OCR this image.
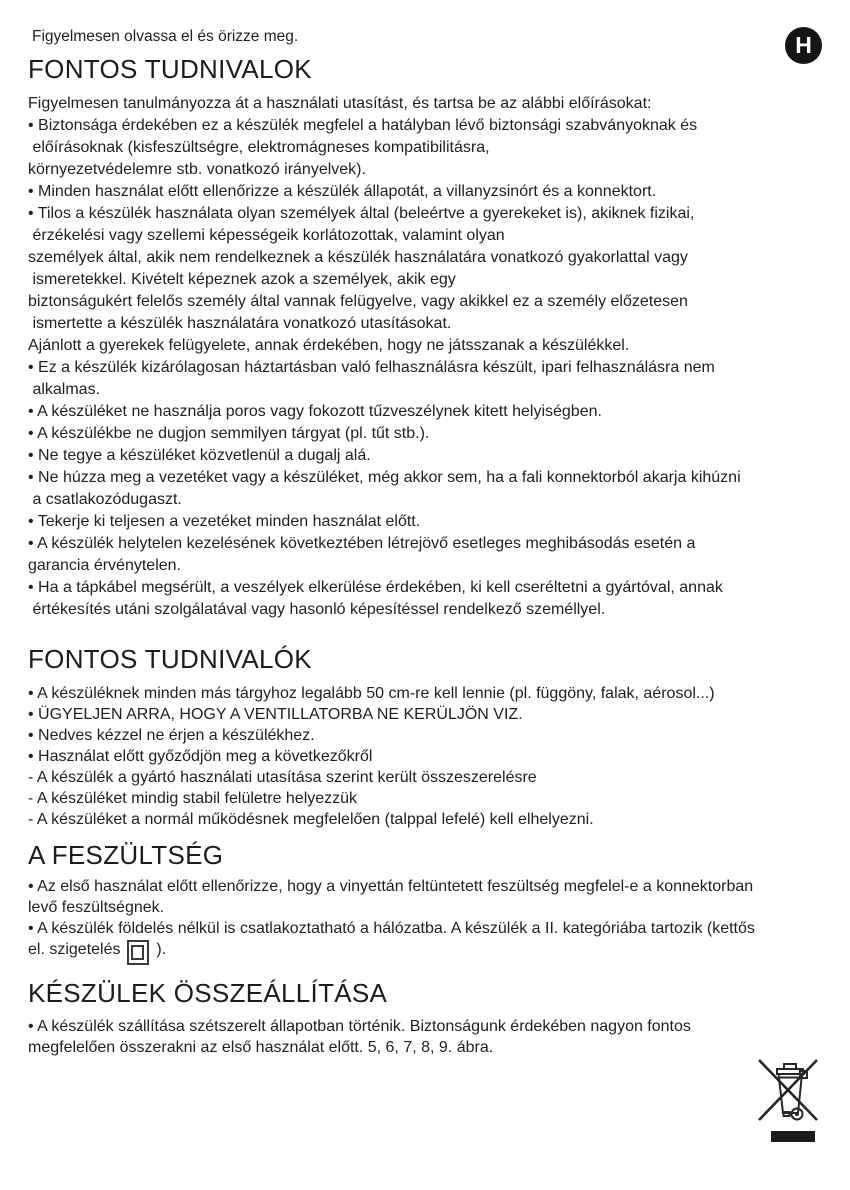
Figyelmesen olvassa el és örizze meg.	H
FONTOS TUDNIVALOK
Figyelmesen tanulmányozza át a használati utasítást, és tartsa be az alábbi előírásokat:
• Biztonsága érdekében ez a készülék megfelel a hatályban lévő biztonsági szabványoknak és
előírásoknak (kisfeszültségre, elektromágneses kompatibilitásra,
környezetvédelemre stb. vonatkozó irányelvek).
• Minden használat előtt ellenőrizze a készülék állapotát, a villanyzsinórt és a konnektort.
• Tilos a készülék használata olyan személyek által (beleértve a gyerekeket is), akiknek fizikai,
érzékelési vagy szellemi képességeik korlátozottak, valamint olyan
személyek által, akik nem rendelkeznek a készülék használatára vonatkozó gyakorlattal vagy
ismeretekkel. Kivételt képeznek azok a személyek, akik egy
biztonságukért felelős személy által vannak felügyelve, vagy akikkel ez a személy előzetesen
ismertette a készülék használatára vonatkozó utasításokat.
Ajánlott a gyerekek felügyelete, annak érdekében, hogy ne játsszanak a készülékkel.
• Ez a készülék kizárólagosan háztartásban való felhasználásra készült, ipari felhasználásra nem
alkalmas.
• A készüléket ne használja poros vagy fokozott tűzveszélynek kitett helyiségben.
• A készülékbe ne dugjon semmilyen tárgyat (pl. tűt stb.).
• Ne tegye a készüléket közvetlenül a dugalj alá.
• Ne húzza meg a vezetéket vagy a készüléket, még akkor sem, ha a fali konnektorból akarja kihúzni
a csatlakozódugaszt.
• Tekerje ki teljesen a vezetéket minden használat előtt.
• A készülék helytelen kezelésének következtében létrejövő esetleges meghibásodás esetén a
garancia érvénytelen.
• Ha a tápkábel megsérült, a veszélyek elkerülése érdekében, ki kell cseréltetni a gyártóval, annak
értékesítés utáni szolgálatával vagy hasonló képesítéssel rendelkező személlyel.
FONTOS TUDNIVALÓK
• A készüléknek minden más tárgyhoz legalább 50 cm-re kell lennie (pl. függöny, falak, aérosol...)
• ÜGYELJEN ARRA, HOGY A VENTILLATORBA NE KERÜLJÖN VIZ.
• Nedves kézzel ne érjen a készülékhez.
• Használat előtt győződjön meg a következőkről
- A készülék a gyártó használati utasítása szerint került összeszerelésre
- A készüléket mindig stabil felületre helyezzük
- A készüléket a normál működésnek megfelelően (talppal lefelé) kell elhelyezni.
A FESZÜLTSÉG
• Az első használat előtt ellenőrizze, hogy a vinyettán feltüntetett feszültség megfelel-e a konnektorban
levő feszültségnek.
• A készülék földelés nélkül is csatlakoztatható a hálózatba. A készülék a II. kategóriába tartozik (kettős
el. szigetelés
).
KÉSZÜLEK ÖSSZEÁLLÍTÁSA
• A készülék szállítása szétszerelt állapotban történik. Biztonságunk érdekében nagyon fontos
megfelelően összerakni az első használat előtt. 5, 6, 7, 8, 9. ábra.
